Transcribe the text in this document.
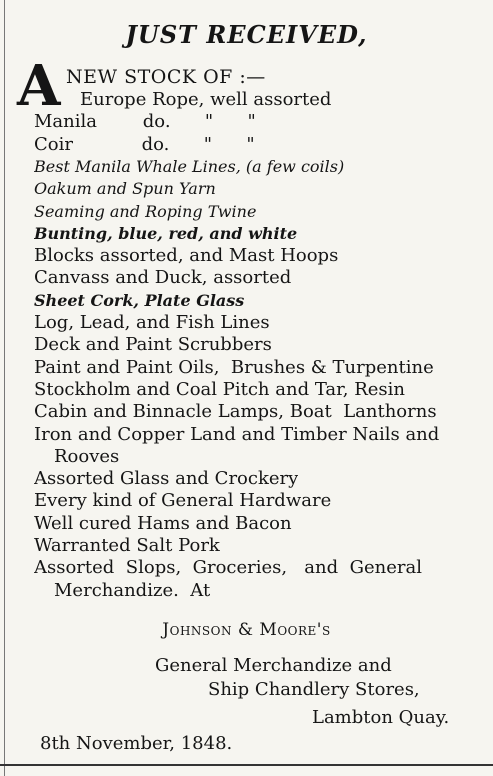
JUST RECEIVED,
A NEW STOCK OF :—
Europe Rope, well assorted
Manila        do.      "      "
Coir            do.      "      "
Best Manila Whale Lines, (a few coils)
Oakum and Spun Yarn
Seaming and Roping Twine
Bunting, blue, red, and white
Blocks assorted, and Mast Hoops
Canvass and Duck, assorted
Sheet Cork, Plate Glass
Log, Lead, and Fish Lines
Deck and Paint Scrubbers
Paint and Paint Oils,  Brushes & Turpentine
Stockholm and Coal Pitch and Tar, Resin
Cabin and Binnacle Lamps, Boat  Lanthorns
Iron and Copper Land and Timber Nails and
Rooves
Assorted Glass and Crockery
Every kind of General Hardware
Well cured Hams and Bacon
Warranted Salt Pork
Assorted  Slops,  Groceries,   and  General
Merchandize.  At
Johnson & Moore's
General Merchandize and
Ship Chandlery Stores,
Lambton Quay.
8th November, 1848.
